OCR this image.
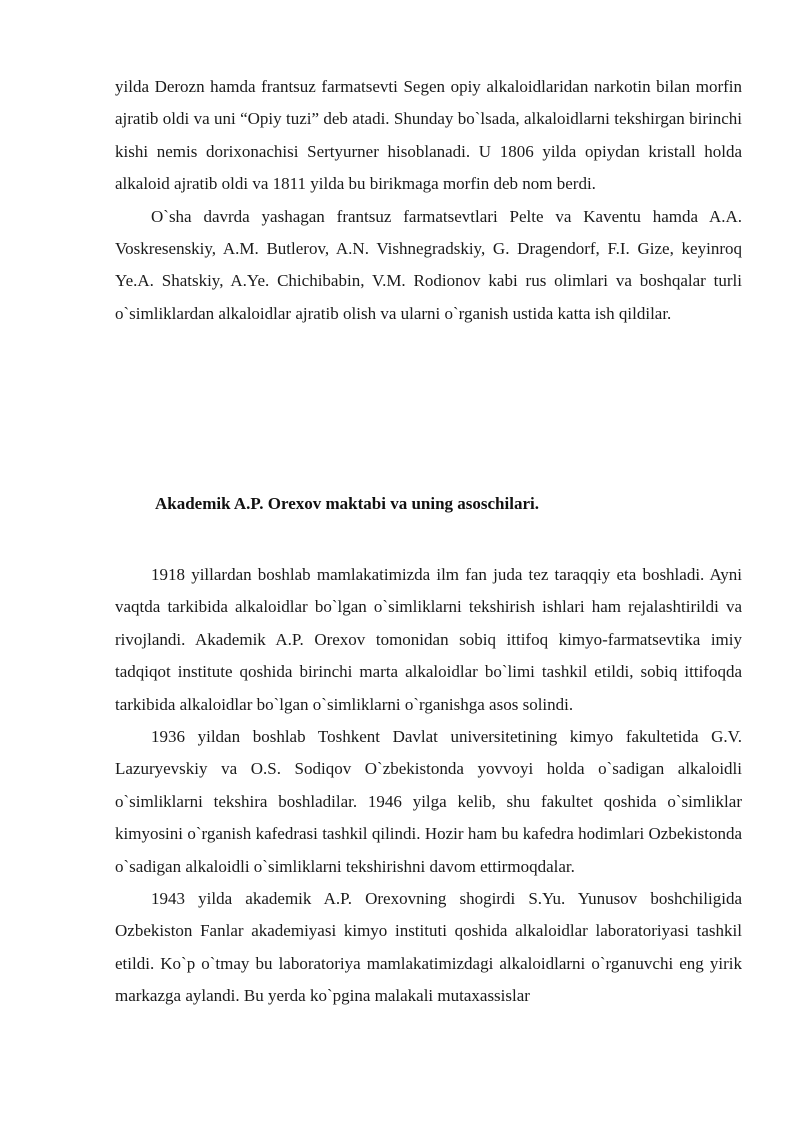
yilda Derozn hamda frantsuz farmatsevti Segen opiy alkaloidlaridan narkotin bilan morfin ajratib oldi va uni “Opiy tuzi” deb atadi. Shunday bo`lsada, alkaloidlarni tekshirgan birinchi kishi nemis dorixonachisi Sertyurner hisoblanadi. U 1806 yilda opiydan kristall holda alkaloid ajratib oldi va 1811 yilda bu birikmaga morfin deb nom berdi.

O`sha davrda yashagan frantsuz farmatsevtlari Pelte va Kaventu hamda A.A. Voskresenskiy, A.M. Butlerov, A.N. Vishnegradskiy, G. Dragendorf, F.I. Gize, keyinroq Ye.A. Shatskiy, A.Ye. Chichibabin, V.M. Rodionov kabi rus olimlari va boshqalar turli o`simliklardan alkaloidlar ajratib olish va ularni o`rganish ustida katta ish qildilar.

Akademik A.P. Orexov maktabi va uning asoschilari.

1918 yillardan boshlab mamlakatimizda ilm fan juda tez taraqqiy eta boshladi. Ayni vaqtda tarkibida alkaloidlar bo`lgan o`simliklarni tekshirish ishlari ham rejalashtirildi va rivojlandi. Akademik A.P. Orexov tomonidan sobiq ittifoq kimyo-farmatsevtika imiy tadqiqot institute qoshida birinchi marta alkaloidlar bo`limi tashkil etildi, sobiq ittifoqda tarkibida alkaloidlar bo`lgan o`simliklarni o`rganishga asos solindi.

1936 yildan boshlab Toshkent Davlat universitetining kimyo fakultetida G.V. Lazuryevskiy va O.S. Sodiqov O`zbekistonda yovvoyi holda o`sadigan alkaloidli o`simliklarni tekshira boshladilar. 1946 yilga kelib, shu fakultet qoshida o`simliklar kimyosini o`rganish kafedrasi tashkil qilindi. Hozir ham bu kafedra hodimlari Ozbekistonda o`sadigan alkaloidli o`simliklarni tekshirishni davom ettirmoqdalar.

1943 yilda akademik A.P. Orexovning shogirdi S.Yu. Yunusov boshchiligida Ozbekiston Fanlar akademiyasi kimyo instituti qoshida alkaloidlar laboratoriyasi tashkil etildi. Ko`p o`tmay bu laboratoriya mamlakatimizdagi alkaloidlarni o`rganuvchi eng yirik markazga aylandi. Bu yerda ko`pgina malakali mutaxassislar
